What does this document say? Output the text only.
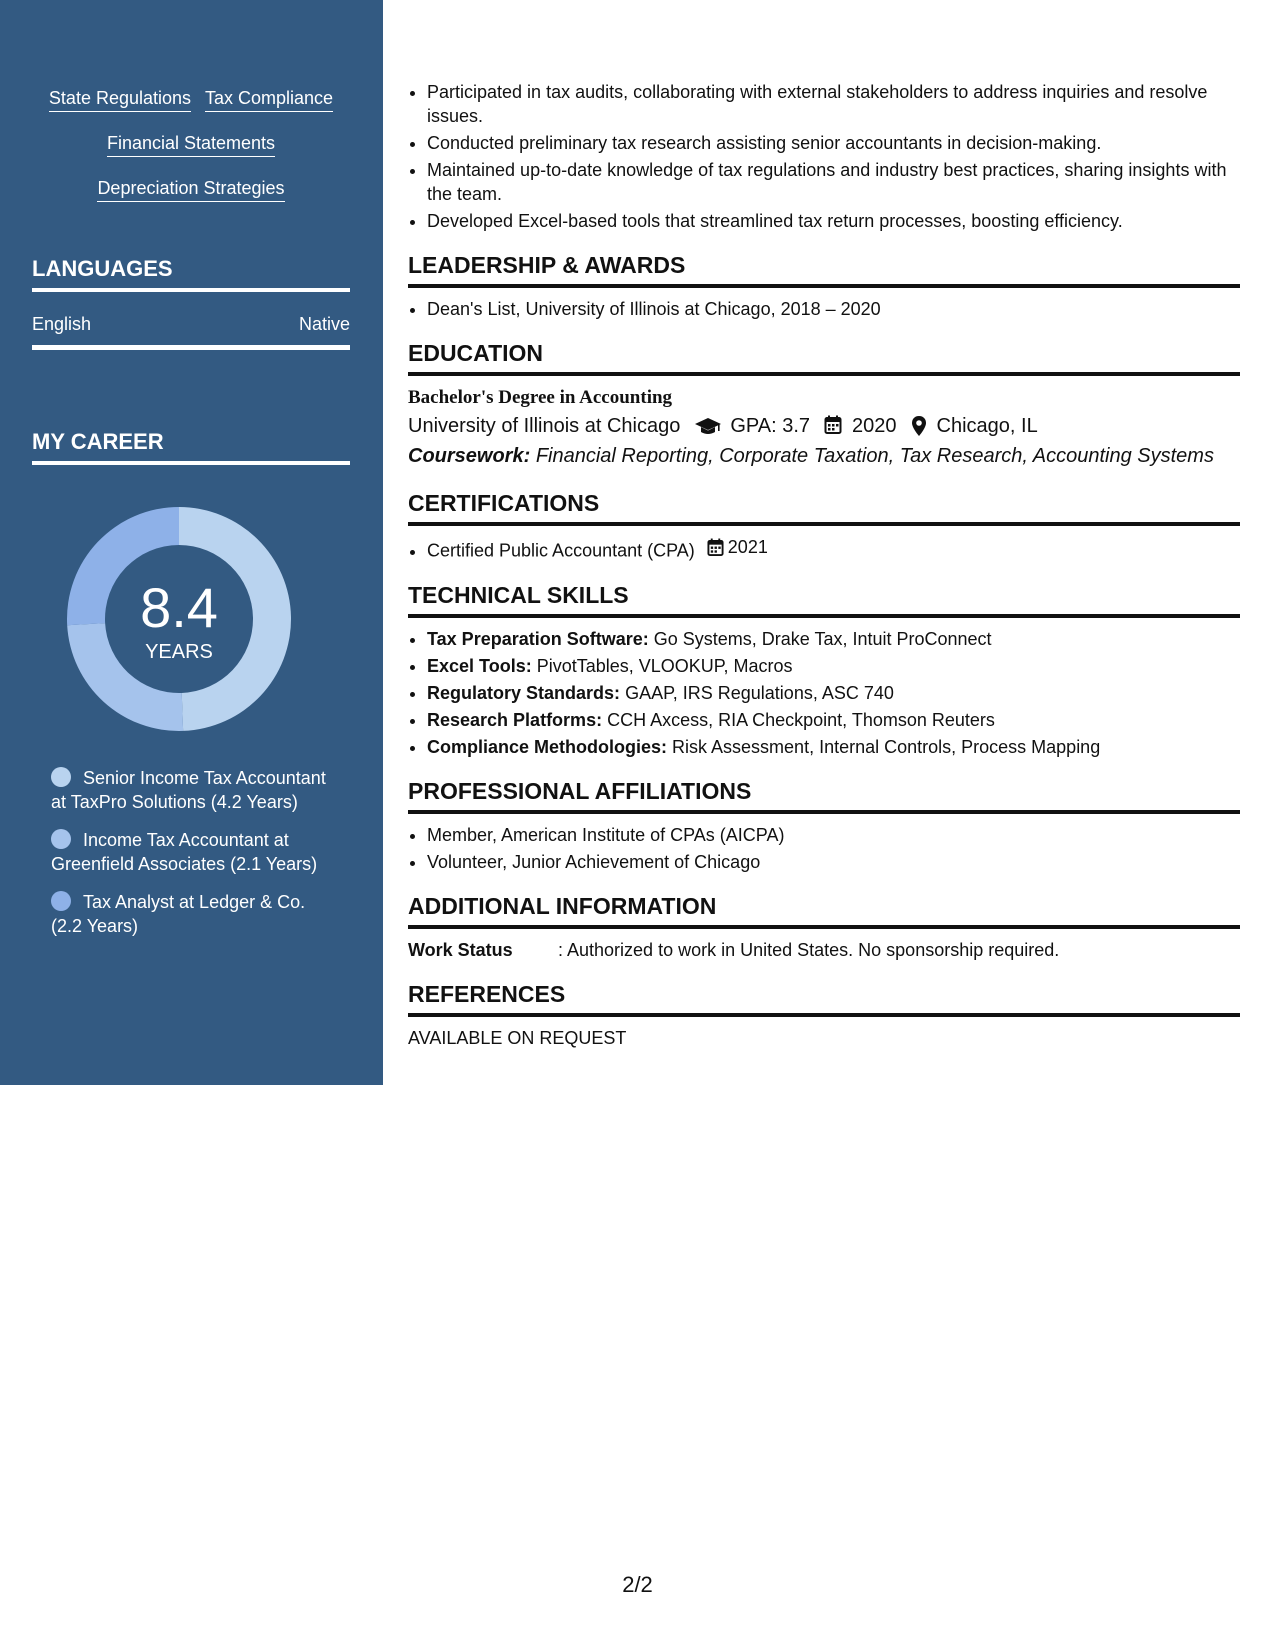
State Regulations Tax Compliance
Financial Statements
Depreciation Strategies
LANGUAGES
English	Native
MY CAREER
8.4
YEARS
Senior Income Tax Accountant at TaxPro Solutions (4.2 Years)
Income Tax Accountant at Greenfield Associates (2.1 Years)
Tax Analyst at Ledger & Co. (2.2 Years)
• Participated in tax audits, collaborating with external stakeholders to address inquiries and resolve issues.
• Conducted preliminary tax research assisting senior accountants in decision-making.
• Maintained up-to-date knowledge of tax regulations and industry best practices, sharing insights with the team.
• Developed Excel-based tools that streamlined tax return processes, boosting efficiency.
LEADERSHIP & AWARDS
• Dean's List, University of Illinois at Chicago, 2018 – 2020
EDUCATION
Bachelor's Degree in Accounting
University of Illinois at Chicago	GPA: 3.7 2020 Chicago, IL
Coursework: Financial Reporting, Corporate Taxation, Tax Research, Accounting Systems
CERTIFICATIONS
• Certified Public Accountant (CPA) 2021
TECHNICAL SKILLS
• Tax Preparation Software: Go Systems, Drake Tax, Intuit ProConnect
• Excel Tools: PivotTables, VLOOKUP, Macros
• Regulatory Standards: GAAP, IRS Regulations, ASC 740
• Research Platforms: CCH Axcess, RIA Checkpoint, Thomson Reuters
• Compliance Methodologies: Risk Assessment, Internal Controls, Process Mapping
PROFESSIONAL AFFILIATIONS
• Member, American Institute of CPAs (AICPA)
• Volunteer, Junior Achievement of Chicago
ADDITIONAL INFORMATION
Work Status	: Authorized to work in United States. No sponsorship required.
REFERENCES
AVAILABLE ON REQUEST
2/2
